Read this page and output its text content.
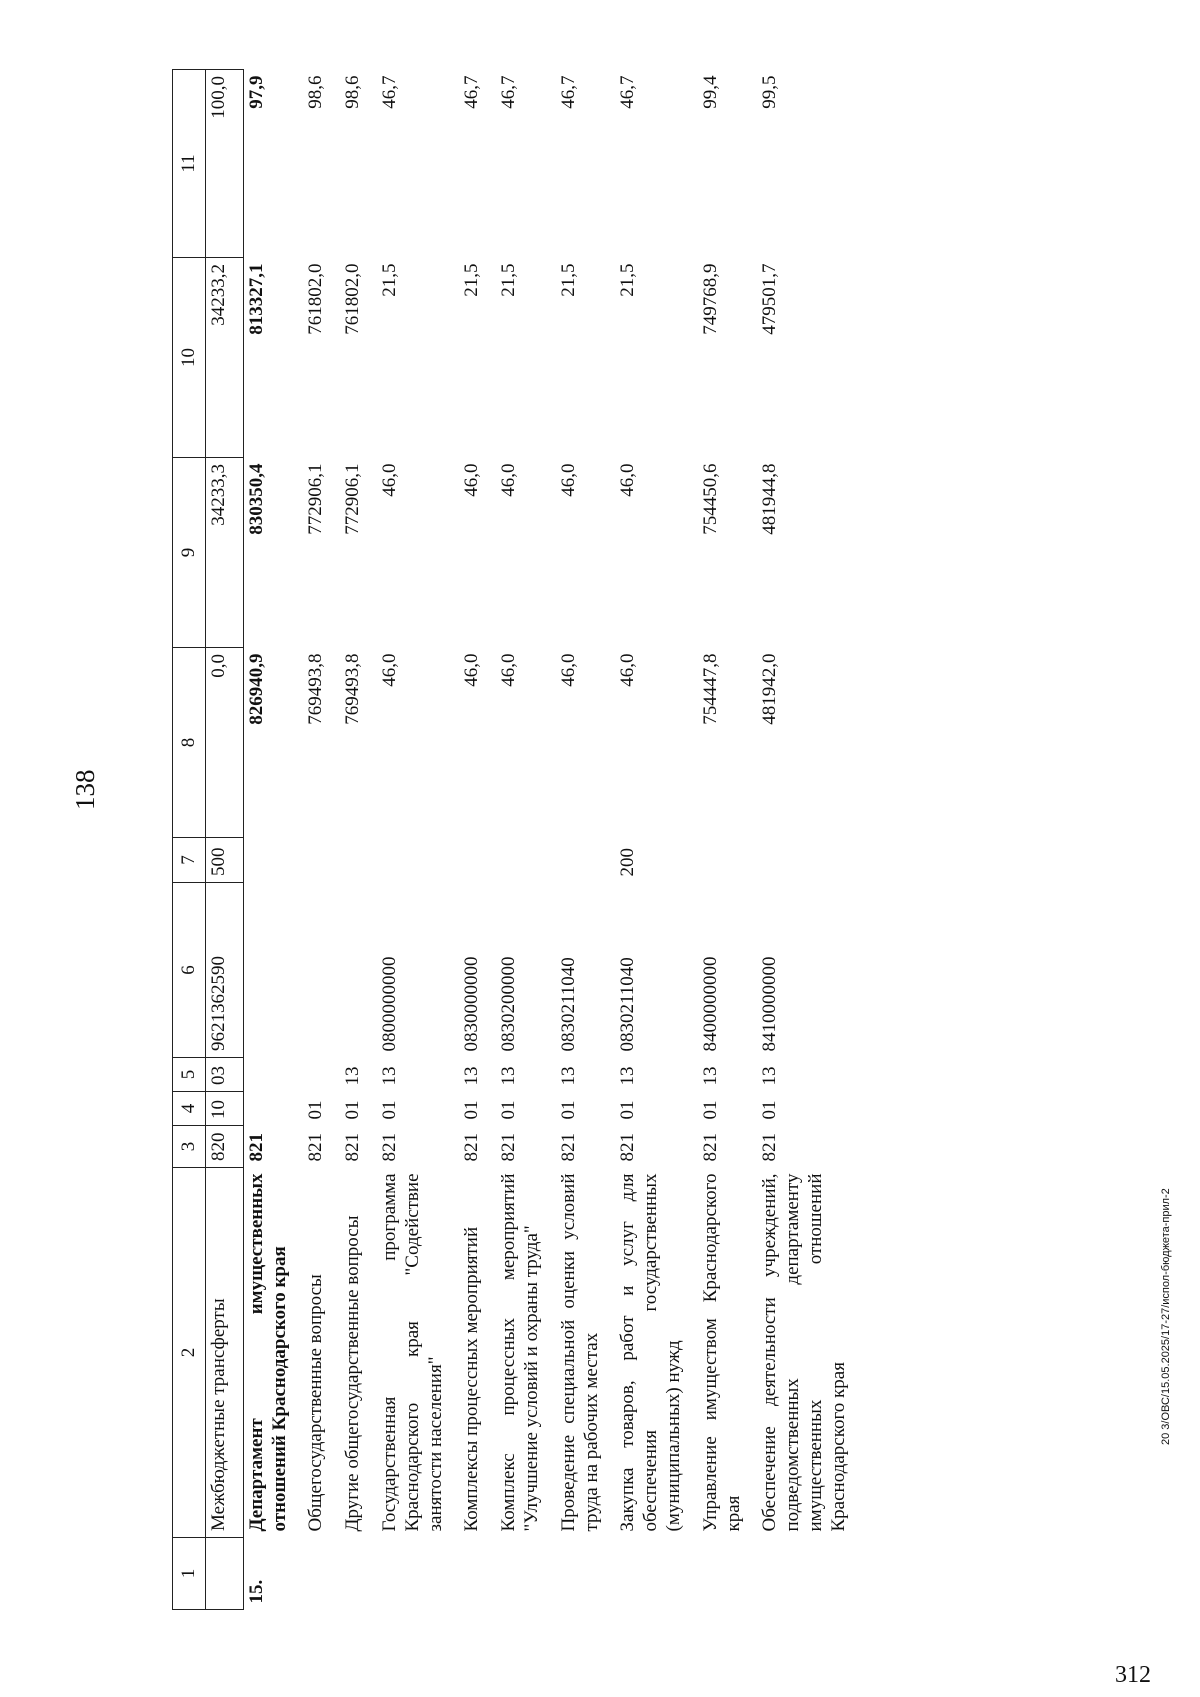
138
20 3/ОВС/15.05.2025/17-27/испол-бюджета-прил-2
312
1	2	3	4	5	6	7	8	9	10	11
	Межбюджетные трансферты	820	10	03	9621362590	500	0,0	34233,3	34233,2	100,0
15.	Департамент имущественных отношений Краснодарского края	821					826940,9	830350,4	813327,1	97,9
	Общегосударственные вопросы	821	01				769493,8	772906,1	761802,0	98,6
	Другие общегосударственные вопросы	821	01	13			769493,8	772906,1	761802,0	98,6
	Государственная программа Краснодарского края "Содействие занятости населения"	821	01	13	0800000000		46,0	46,0	21,5	46,7
	Комплексы процессных мероприятий	821	01	13	0830000000		46,0	46,0	21,5	46,7
	Комплекс процессных мероприятий "Улучшение условий и охраны труда"	821	01	13	0830200000		46,0	46,0	21,5	46,7
	Проведение специальной оценки условий труда на рабочих местах	821	01	13	0830211040		46,0	46,0	21,5	46,7
	Закупка товаров, работ и услуг для обеспечения государственных (муниципальных) нужд	821	01	13	0830211040	200	46,0	46,0	21,5	46,7
	Управление имуществом Краснодарского края	821	01	13	8400000000		754447,8	754450,6	749768,9	99,4
	Обеспечение деятельности учреждений, подведомственных департаменту имущественных отношений Краснодарского края	821	01	13	8410000000		481942,0	481944,8	479501,7	99,5
